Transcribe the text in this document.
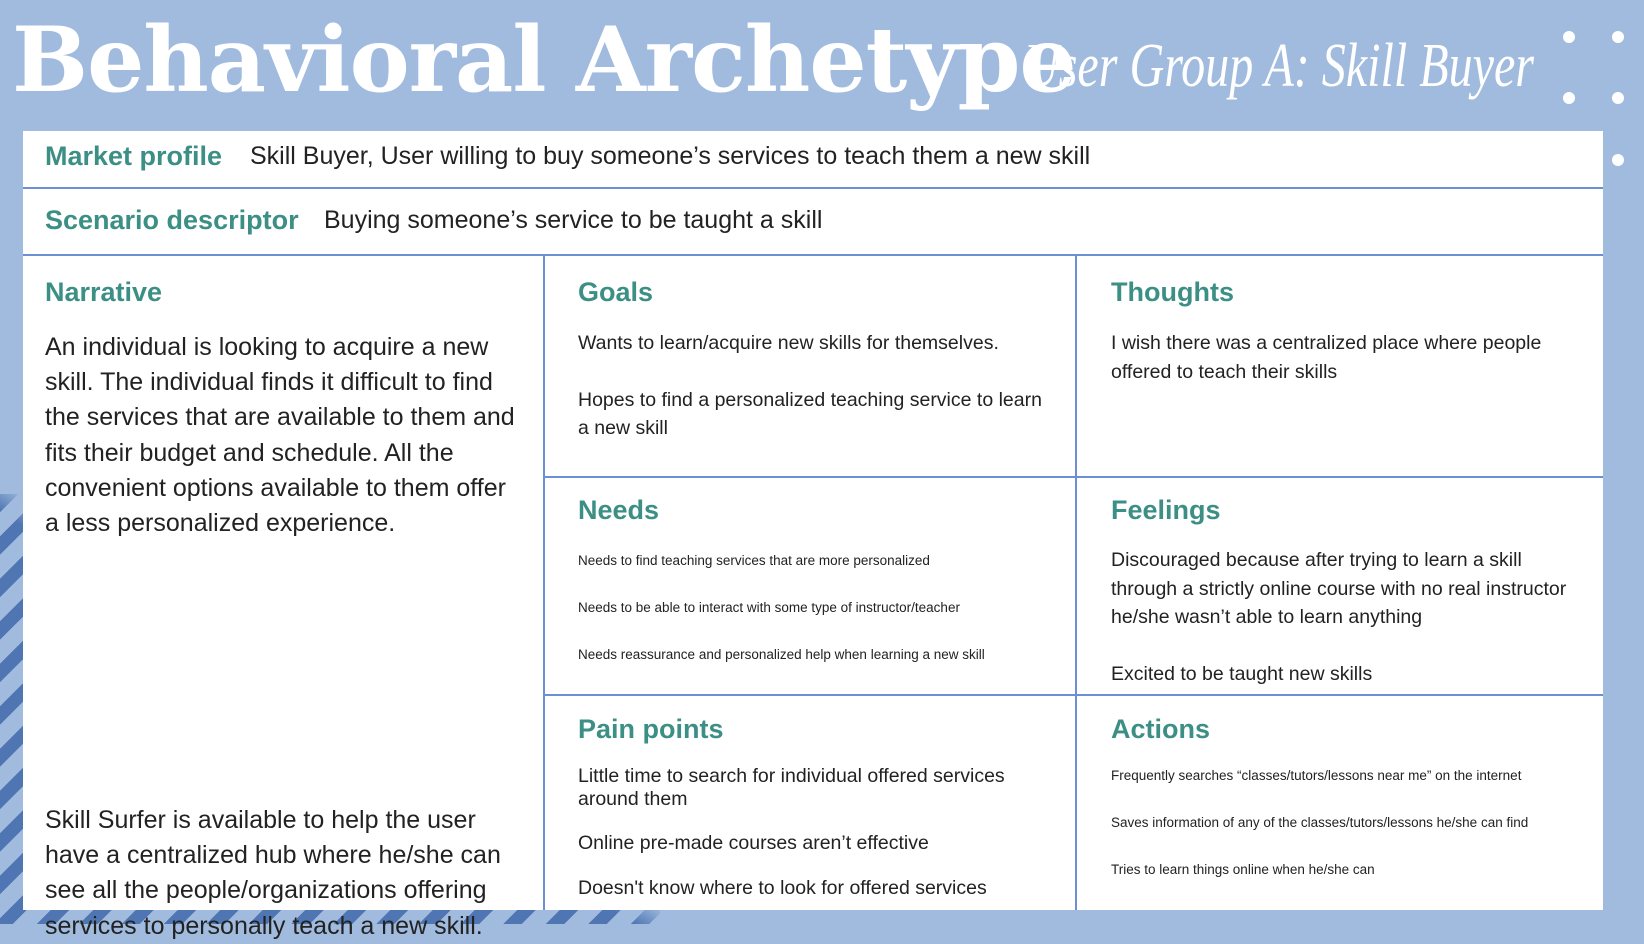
Behavioral Archetype
User Group A: Skill Buyer
Market profile Skill Buyer, User willing to buy someone’s services to teach them a new skill
Scenario descriptor Buying someone’s service to be taught a skill
Narrative

An individual is looking to acquire a new skill. The individual finds it difficult to find the services that are available to them and fits their budget and schedule. All the convenient options available to them offer a less personalized experience.

Skill Surfer is available to help the user have a centralized hub where he/she can see all the people/organizations offering services to personally teach a new skill.

Goals

Wants to learn/acquire new skills for themselves.

Hopes to find a personalized teaching service to learn a new skill

Thoughts

I wish there was a centralized place where people offered to teach their skills

Needs

Needs to find teaching services that are more personalized

Needs to be able to interact with some type of instructor/teacher

Needs reassurance and personalized help when learning a new skill

Feelings

Discouraged because after trying to learn a skill through a strictly online course with no real instructor he/she wasn’t able to learn anything

Excited to be taught new skills

Pain points

Little time to search for individual offered services around them

Online pre-made courses aren’t effective

Doesn't know where to look for offered services

Actions

Frequently searches “classes/tutors/lessons near me” on the internet

Saves information of any of the classes/tutors/lessons he/she can find

Tries to learn things online when he/she can
